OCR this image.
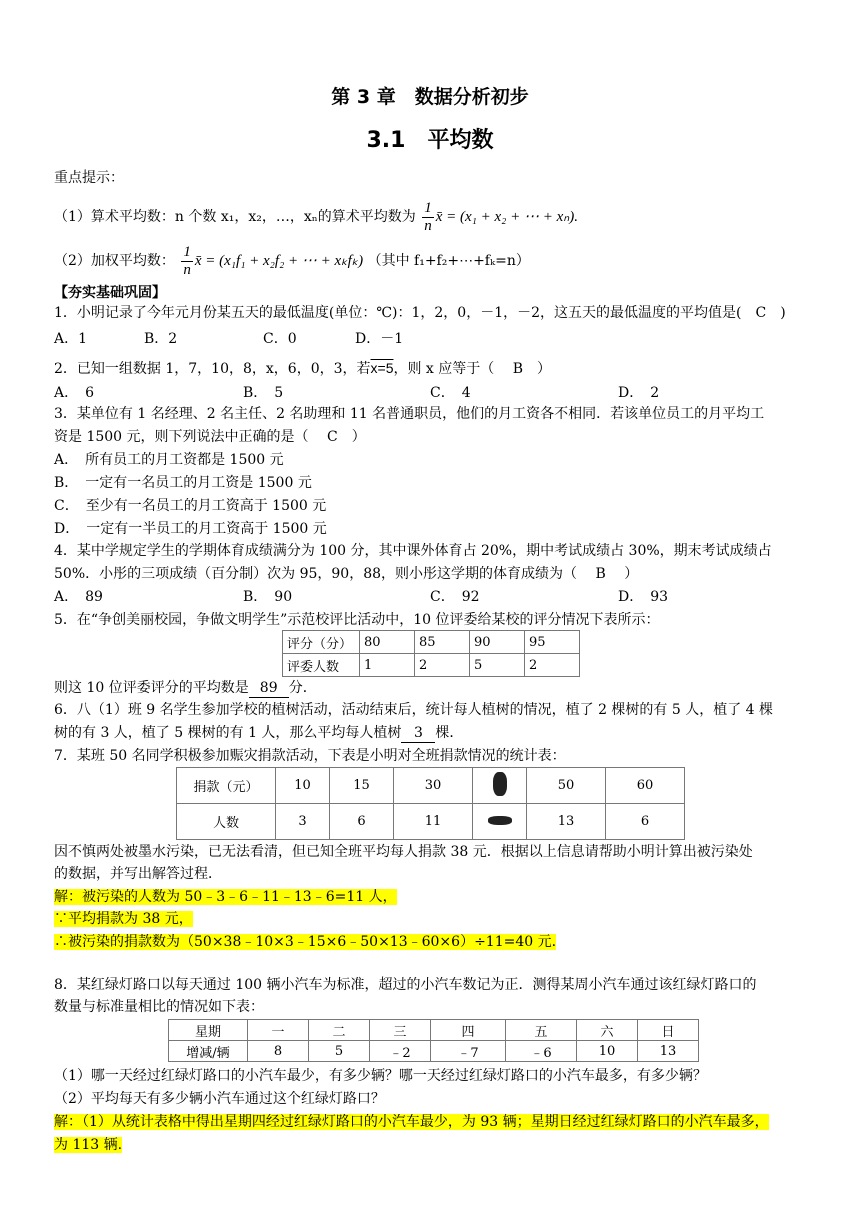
第 3 章　数据分析初步
3.1　平均数
重点提示：
（1）算术平均数：n 个数 x₁，x₂，…，xₙ的算术平均数为 $\frac{1}{n}$ x̄ = (x₁ + x₂ + ⋯ + xₙ).
（2）加权平均数： $\frac{1}{n}$ x̄ = (x₁f₁ + x₂f₂ + ⋯ + xₖfₖ) （其中 f₁+f₂+⋯+fₖ=n）
【夯实基础巩固】
1．小明记录了今年元月份某五天的最低温度(单位：℃)：1，2，0，－1，－2，这五天的最低温度的平均值是(　C　)
A．1	B．2	C．0	D．－1
2．已知一组数据 1，7，10，8，x，6，0，3，若x=5，则 x 应等于（　 B　）
A．　6	B．　5	C．　4	D．　2
3．某单位有 1 名经理、2 名主任、2 名助理和 11 名普通职员，他们的月工资各不相同．若该单位员工的月平均工
资是 1500 元，则下列说法中正确的是（　 C　）
A．　所有员工的月工资都是 1500 元
B．　一定有一名员工的月工资是 1500 元
C．　至少有一名员工的月工资高于 1500 元
D．　一定有一半员工的月工资高于 1500 元
4．某中学规定学生的学期体育成绩满分为 100 分，其中课外体育占 20%，期中考试成绩占 30%，期末考试成绩占
50%．小彤的三项成绩（百分制）次为 95，90，88，则小彤这学期的体育成绩为（　 B　 ）
A．　89	B．　90	C．　92	D．　93
5．在“争创美丽校园，争做文明学生”示范校评比活动中，10 位评委给某校的评分情况下表所示：
评分（分）	80	85	90	95
评委人数	1	2	5	2
则这 10 位评委评分的平均数是 89 分．
6．八（1）班 9 名学生参加学校的植树活动，活动结束后，统计每人植树的情况，植了 2 棵树的有 5 人，植了 4 棵
树的有 3 人，植了 5 棵树的有 1 人，那么平均每人植树 3 棵．
7．某班 50 名同学积极参加赈灾捐款活动，下表是小明对全班捐款情况的统计表：
捐款（元）	10	15	30		50	60
人数	3	6	11		13	6
因不慎两处被墨水污染，已无法看清，但已知全班平均每人捐款 38 元．根据以上信息请帮助小明计算出被污染处
的数据，并写出解答过程．
解：被污染的人数为 50﹣3﹣6﹣11﹣13﹣6=11 人，
∵平均捐款为 38 元，
∴被污染的捐款数为（50×38﹣10×3﹣15×6﹣50×13﹣60×6）÷11=40 元.
8．某红绿灯路口以每天通过 100 辆小汽车为标准，超过的小汽车数记为正．测得某周小汽车通过该红绿灯路口的
数量与标准量相比的情况如下表：
星期	一	二	三	四	五	六	日
增减/辆	8	5	﹣2	﹣7	﹣6	10	13
（1）哪一天经过红绿灯路口的小汽车最少，有多少辆？哪一天经过红绿灯路口的小汽车最多，有多少辆？
（2）平均每天有多少辆小汽车通过这个红绿灯路口？
解：（1）从统计表格中得出星期四经过红绿灯路口的小汽车最少，为 93 辆；星期日经过红绿灯路口的小汽车最多，
为 113 辆.
